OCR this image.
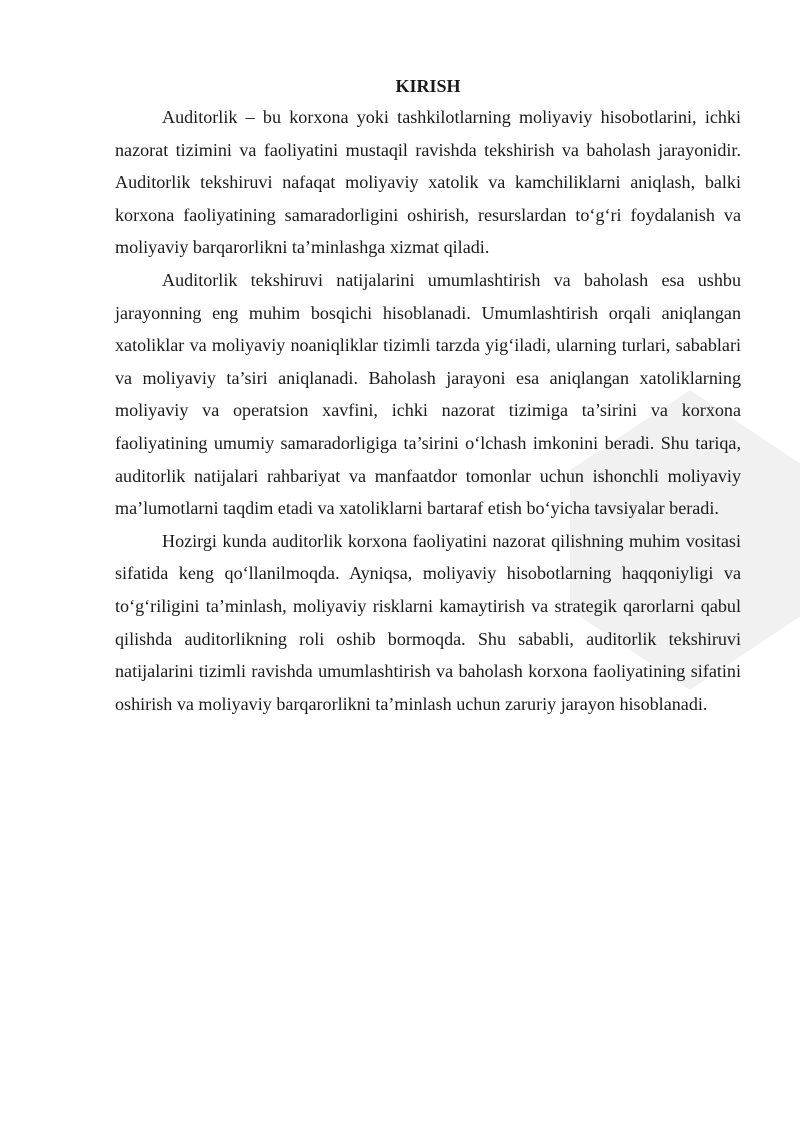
KIRISH

Auditorlik – bu korxona yoki tashkilotlarning moliyaviy hisobotlarini, ichki nazorat tizimini va faoliyatini mustaqil ravishda tekshirish va baholash jarayonidir. Auditorlik tekshiruvi nafaqat moliyaviy xatolik va kamchiliklarni aniqlash, balki korxona faoliyatining samaradorligini oshirish, resurslardan to‘g‘ri foydalanish va moliyaviy barqarorlikni ta’minlashga xizmat qiladi.

Auditorlik tekshiruvi natijalarini umumlashtirish va baholash esa ushbu jarayonning eng muhim bosqichi hisoblanadi. Umumlashtirish orqali aniqlangan xatoliklar va moliyaviy noaniqliklar tizimli tarzda yig‘iladi, ularning turlari, sabablari va moliyaviy ta’siri aniqlanadi. Baholash jarayoni esa aniqlangan xatoliklarning moliyaviy va operatsion xavfini, ichki nazorat tizimiga ta’sirini va korxona faoliyatining umumiy samaradorligiga ta’sirini o‘lchash imkonini beradi. Shu tariqa, auditorlik natijalari rahbariyat va manfaatdor tomonlar uchun ishonchli moliyaviy ma’lumotlarni taqdim etadi va xatoliklarni bartaraf etish bo‘yicha tavsiyalar beradi.

Hozirgi kunda auditorlik korxona faoliyatini nazorat qilishning muhim vositasi sifatida keng qo‘llanilmoqda. Ayniqsa, moliyaviy hisobotlarning haqqoniyligi va to‘g‘riligini ta’minlash, moliyaviy risklarni kamaytirish va strategik qarorlarni qabul qilishda auditorlikning roli oshib bormoqda. Shu sababli, auditorlik tekshiruvi natijalarini tizimli ravishda umumlashtirish va baholash korxona faoliyatining sifatini oshirish va moliyaviy barqarorlikni ta’minlash uchun zaruriy jarayon hisoblanadi.
